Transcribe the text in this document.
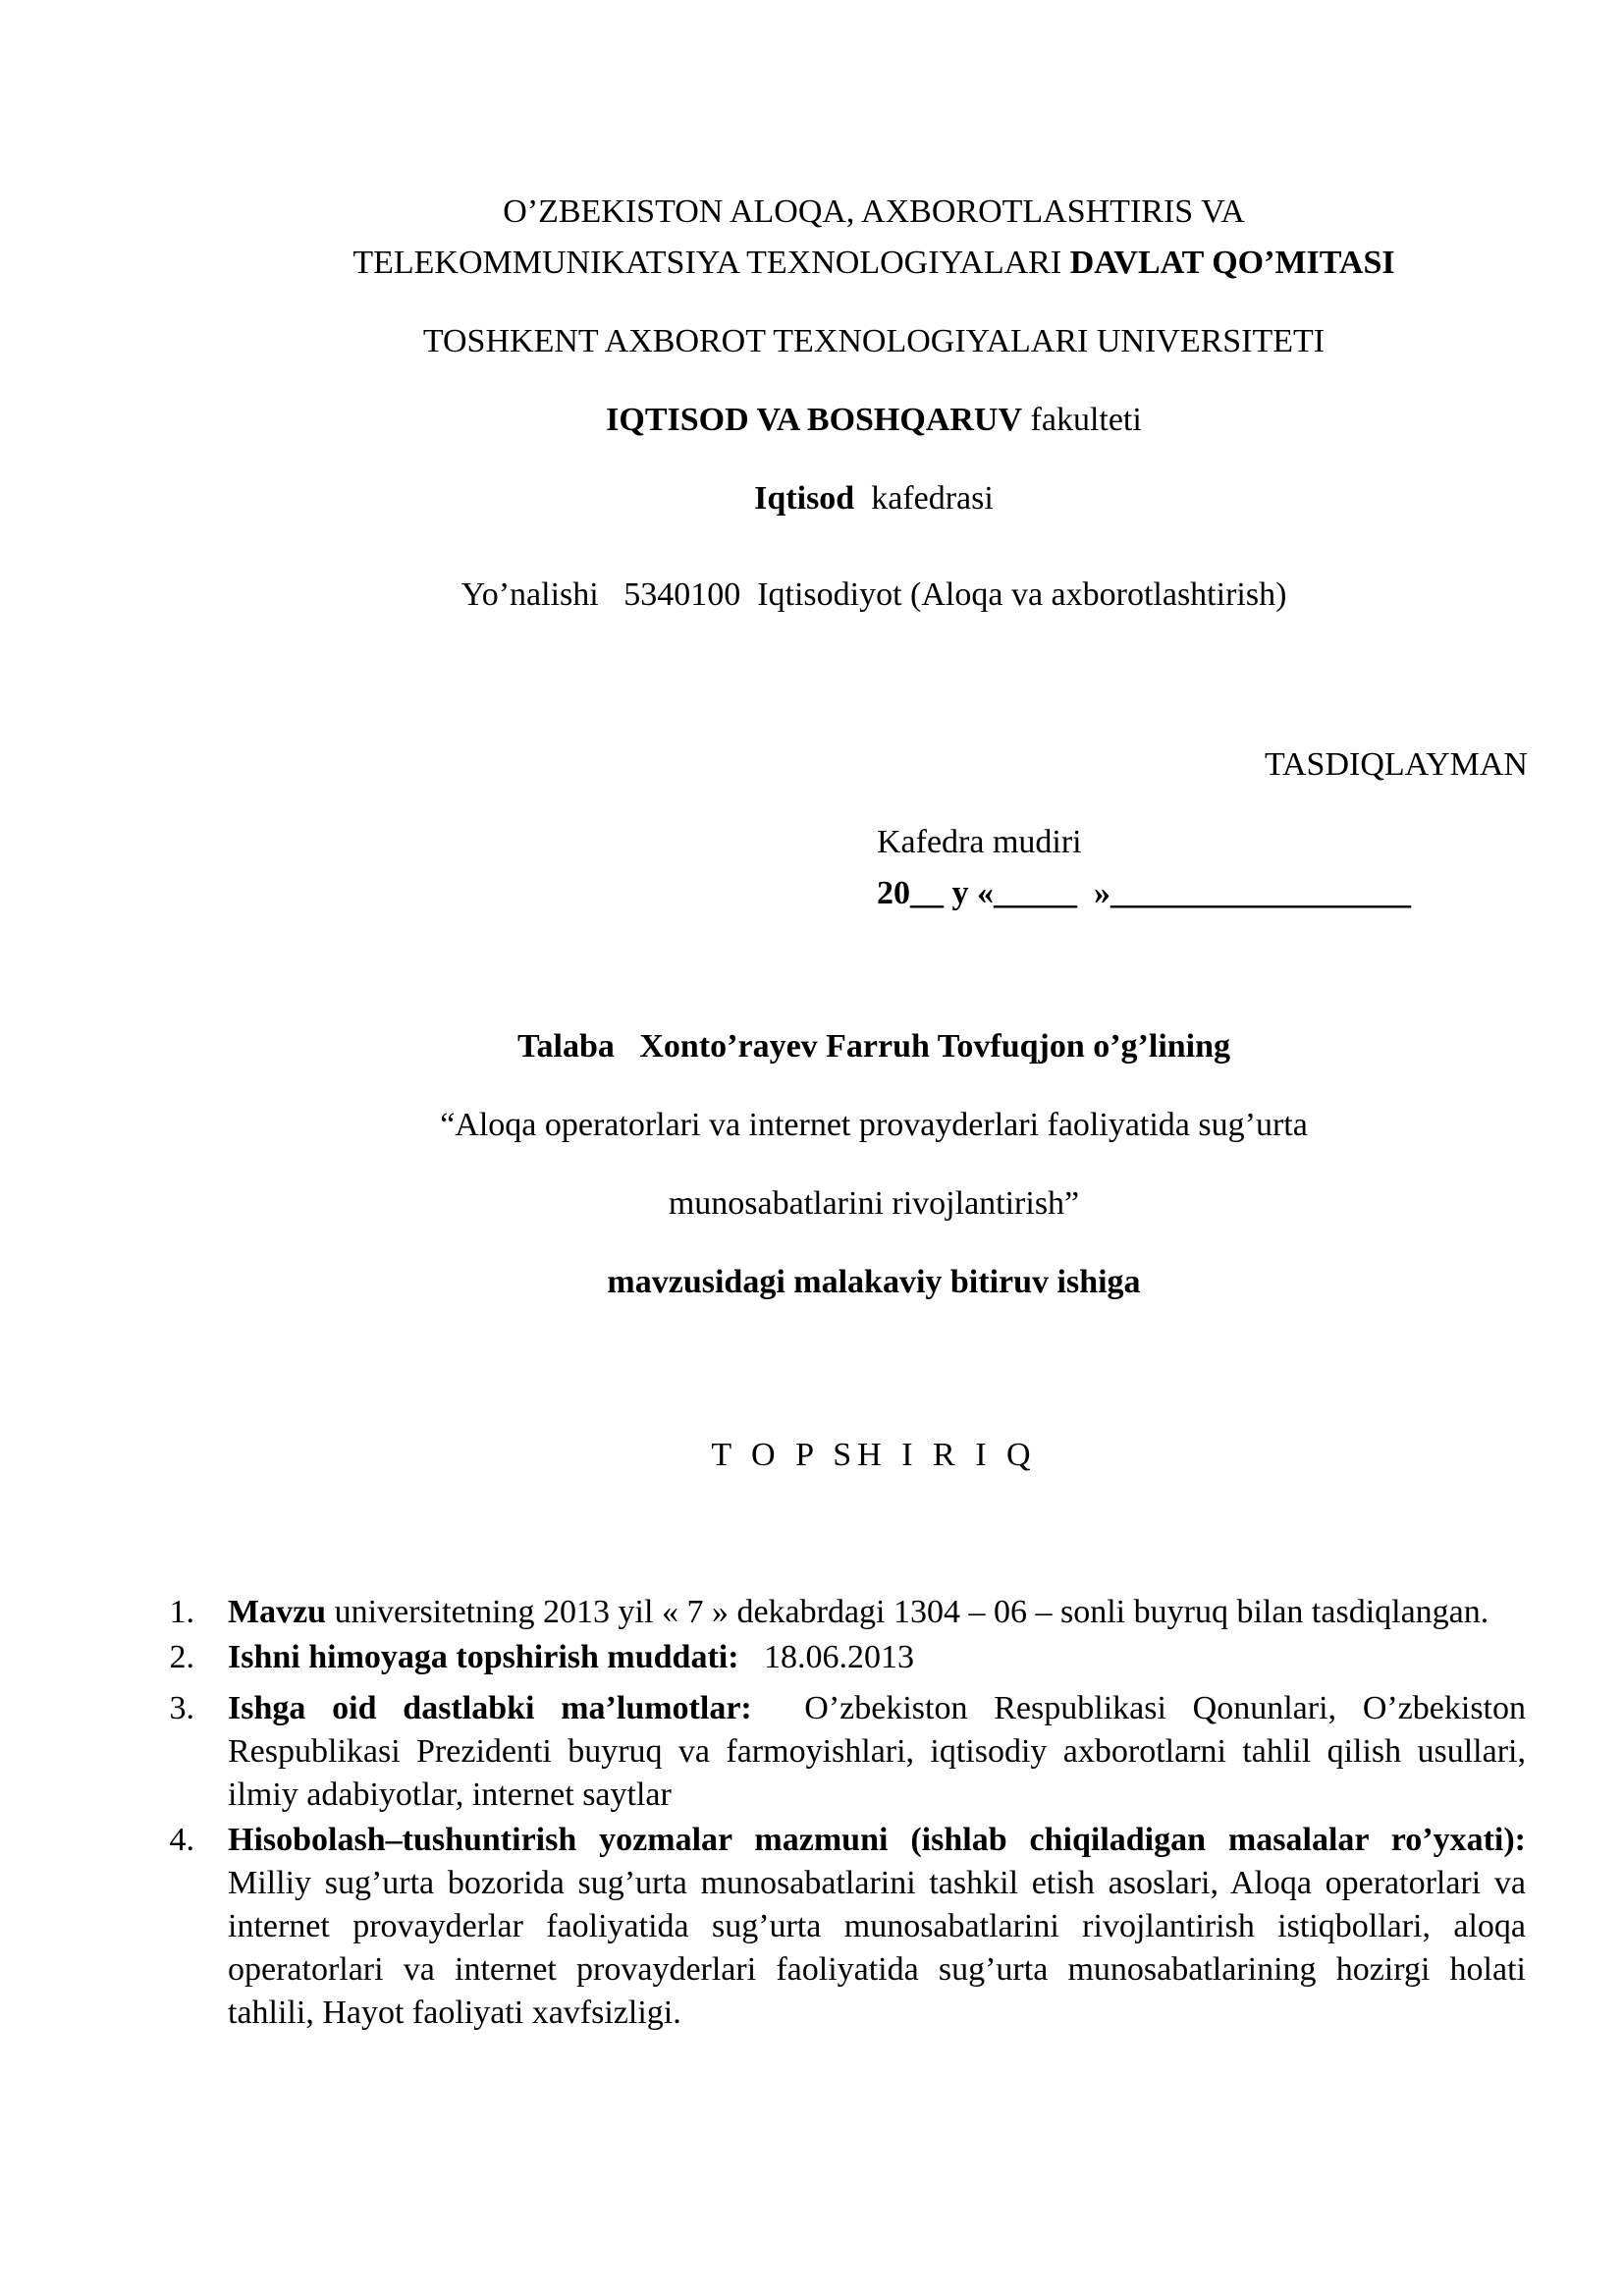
O’ZBEKISTON ALOQA, AXBOROTLASHTIRIS VA
TELEKOMMUNIKATSIYA TEXNOLOGIYALARI DAVLAT QO’MITASI
TOSHKENT AXBOROT TEXNOLOGIYALARI UNIVERSITETI
IQTISOD VA BOSHQARUV fakulteti
Iqtisod  kafedrasi
Yo’nalishi   5340100  Iqtisodiyot (Aloqa va axborotlashtirish)
TASDIQLAYMAN
Kafedra mudiri
20__ y «_____  »__________________
Talaba   Xonto’rayev Farruh Tovfuqjon o’g’lining
“Aloqa operatorlari va internet provayderlari faoliyatida sug’urta
munosabatlarini rivojlantirish”
mavzusidagi malakaviy bitiruv ishiga
T O P SH I R I Q
1. Mavzu universitetning 2013 yil « 7 » dekabrdagi 1304 – 06 – sonli buyruq bilan tasdiqlangan.
2. Ishni himoyaga topshirish muddati:   18.06.2013
3. Ishga oid dastlabki ma’lumotlar:  O’zbekiston Respublikasi Qonunlari, O’zbekiston Respublikasi Prezidenti buyruq va farmoyishlari, iqtisodiy axborotlarni tahlil qilish usullari, ilmiy adabiyotlar, internet saytlar
4. Hisobolash–tushuntirish yozmalar mazmuni (ishlab chiqiladigan masalalar ro’yxati): Milliy sug’urta bozorida sug’urta munosabatlarini tashkil etish asoslari, Aloqa operatorlari va internet provayderlar faoliyatida sug’urta munosabatlarini rivojlantirish istiqbollari, aloqa operatorlari va internet provayderlari faoliyatida sug’urta munosabatlarining hozirgi holati tahlili, Hayot faoliyati xavfsizligi.
